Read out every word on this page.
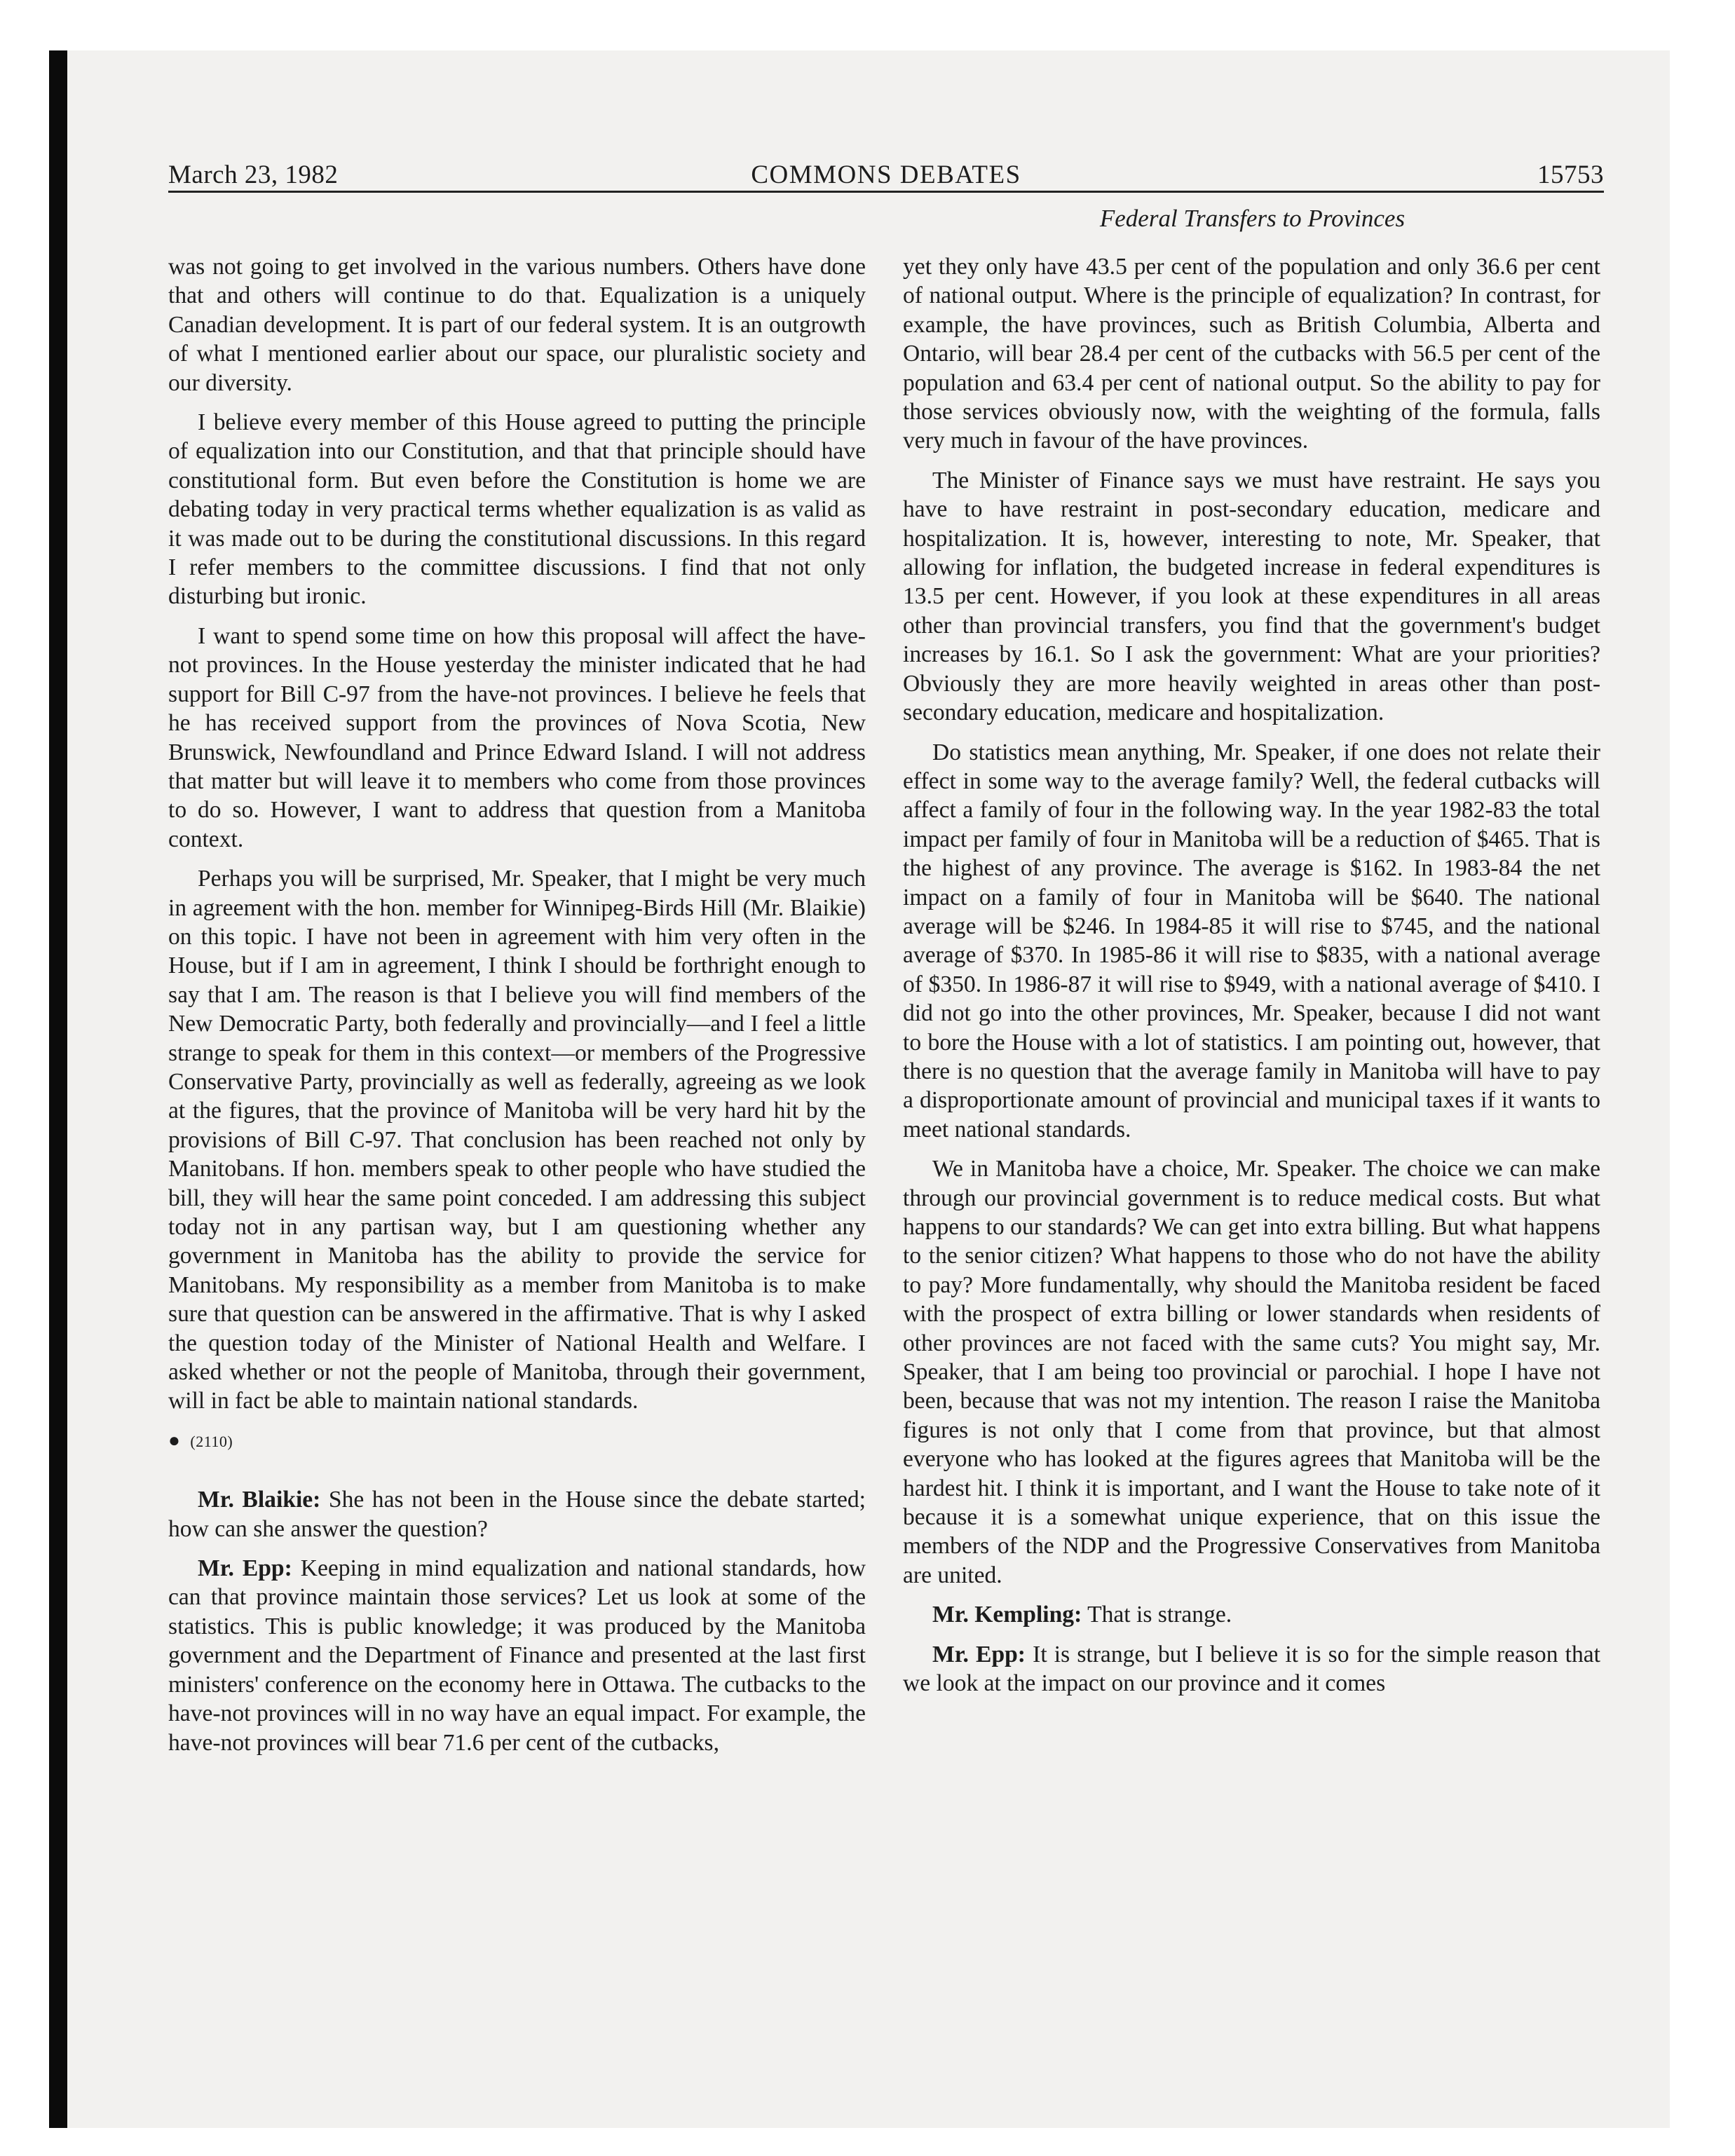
March 23, 1982	COMMONS DEBATES	15753
Federal Transfers to Provinces

was not going to get involved in the various numbers. Others have done that and others will continue to do that. Equalization is a uniquely Canadian development. It is part of our federal system. It is an outgrowth of what I mentioned earlier about our space, our pluralistic society and our diversity.

I believe every member of this House agreed to putting the principle of equalization into our Constitution, and that that principle should have constitutional form. But even before the Constitution is home we are debating today in very practical terms whether equalization is as valid as it was made out to be during the constitutional discussions. In this regard I refer members to the committee discussions. I find that not only disturbing but ironic.

I want to spend some time on how this proposal will affect the have-not provinces. In the House yesterday the minister indicated that he had support for Bill C-97 from the have-not provinces. I believe he feels that he has received support from the provinces of Nova Scotia, New Brunswick, Newfoundland and Prince Edward Island. I will not address that matter but will leave it to members who come from those provinces to do so. However, I want to address that question from a Manitoba context.

Perhaps you will be surprised, Mr. Speaker, that I might be very much in agreement with the hon. member for Winnipeg-Birds Hill (Mr. Blaikie) on this topic. I have not been in agreement with him very often in the House, but if I am in agreement, I think I should be forthright enough to say that I am. The reason is that I believe you will find members of the New Democratic Party, both federally and provincially—and I feel a little strange to speak for them in this context—or members of the Progressive Conservative Party, provincially as well as federally, agreeing as we look at the figures, that the province of Manitoba will be very hard hit by the provisions of Bill C-97. That conclusion has been reached not only by Manitobans. If hon. members speak to other people who have studied the bill, they will hear the same point conceded. I am addressing this subject today not in any partisan way, but I am questioning whether any government in Manitoba has the ability to provide the service for Manitobans. My responsibility as a member from Manitoba is to make sure that question can be answered in the affirmative. That is why I asked the question today of the Minister of National Health and Welfare. I asked whether or not the people of Manitoba, through their government, will in fact be able to maintain national standards.

● (2110)

Mr. Blaikie: She has not been in the House since the debate started; how can she answer the question?

Mr. Epp: Keeping in mind equalization and national standards, how can that province maintain those services? Let us look at some of the statistics. This is public knowledge; it was produced by the Manitoba government and the Department of Finance and presented at the last first ministers' conference on the economy here in Ottawa. The cutbacks to the have-not provinces will in no way have an equal impact. For example, the have-not provinces will bear 71.6 per cent of the cutbacks,

yet they only have 43.5 per cent of the population and only 36.6 per cent of national output. Where is the principle of equalization? In contrast, for example, the have provinces, such as British Columbia, Alberta and Ontario, will bear 28.4 per cent of the cutbacks with 56.5 per cent of the population and 63.4 per cent of national output. So the ability to pay for those services obviously now, with the weighting of the formula, falls very much in favour of the have provinces.

The Minister of Finance says we must have restraint. He says you have to have restraint in post-secondary education, medicare and hospitalization. It is, however, interesting to note, Mr. Speaker, that allowing for inflation, the budgeted increase in federal expenditures is 13.5 per cent. However, if you look at these expenditures in all areas other than provincial transfers, you find that the government's budget increases by 16.1. So I ask the government: What are your priorities? Obviously they are more heavily weighted in areas other than post-secondary education, medicare and hospitalization.

Do statistics mean anything, Mr. Speaker, if one does not relate their effect in some way to the average family? Well, the federal cutbacks will affect a family of four in the following way. In the year 1982-83 the total impact per family of four in Manitoba will be a reduction of $465. That is the highest of any province. The average is $162. In 1983-84 the net impact on a family of four in Manitoba will be $640. The national average will be $246. In 1984-85 it will rise to $745, and the national average of $370. In 1985-86 it will rise to $835, with a national average of $350. In 1986-87 it will rise to $949, with a national average of $410. I did not go into the other provinces, Mr. Speaker, because I did not want to bore the House with a lot of statistics. I am pointing out, however, that there is no question that the average family in Manitoba will have to pay a disproportionate amount of provincial and municipal taxes if it wants to meet national standards.

We in Manitoba have a choice, Mr. Speaker. The choice we can make through our provincial government is to reduce medical costs. But what happens to our standards? We can get into extra billing. But what happens to the senior citizen? What happens to those who do not have the ability to pay? More fundamentally, why should the Manitoba resident be faced with the prospect of extra billing or lower standards when residents of other provinces are not faced with the same cuts? You might say, Mr. Speaker, that I am being too provincial or parochial. I hope I have not been, because that was not my intention. The reason I raise the Manitoba figures is not only that I come from that province, but that almost everyone who has looked at the figures agrees that Manitoba will be the hardest hit. I think it is important, and I want the House to take note of it because it is a somewhat unique experience, that on this issue the members of the NDP and the Progressive Conservatives from Manitoba are united.

Mr. Kempling: That is strange.

Mr. Epp: It is strange, but I believe it is so for the simple reason that we look at the impact on our province and it comes
